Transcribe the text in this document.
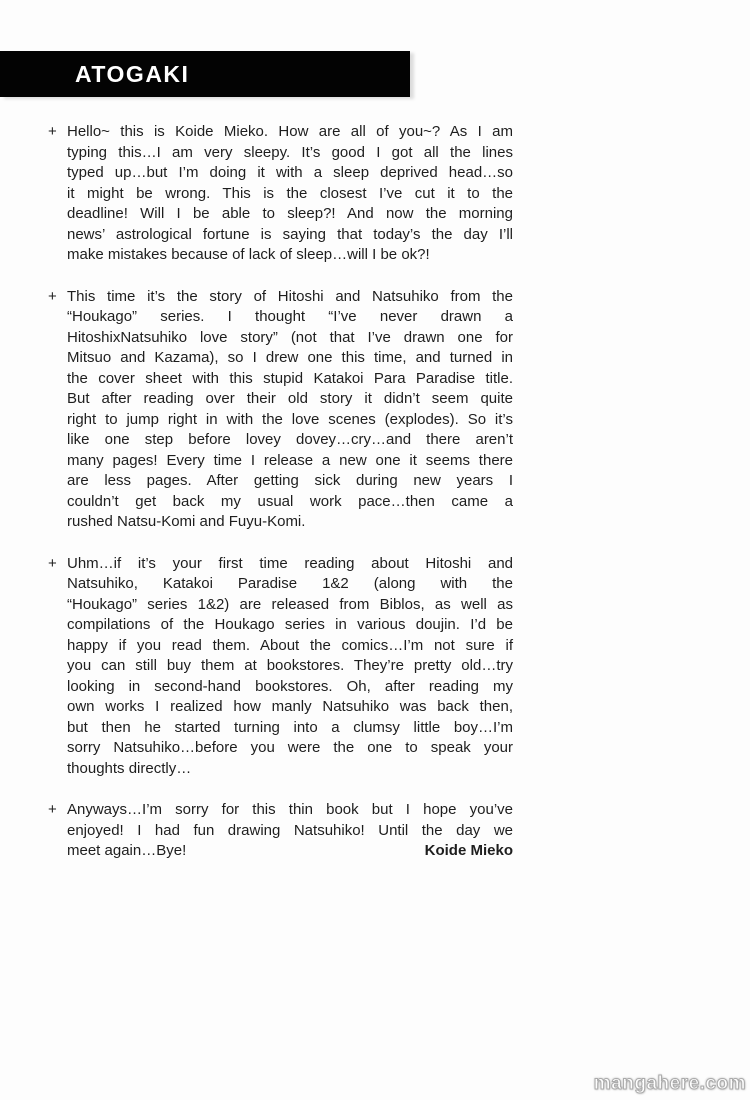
ATOGAKI
+ Hello~ this is Koide Mieko. How are all of you~? As I am
typing this…I am very sleepy. It’s good I got all the lines
typed up…but I’m doing it with a sleep deprived head…so
it might be wrong. This is the closest I’ve cut it to the
deadline! Will I be able to sleep?! And now the morning
news’ astrological fortune is saying that today’s the day I’ll
make mistakes because of lack of sleep…will I be ok?!
+ This time it’s the story of Hitoshi and Natsuhiko from the
“Houkago” series. I thought “I’ve never drawn a
HitoshixNatsuhiko love story” (not that I’ve drawn one for
Mitsuo and Kazama), so I drew one this time, and turned in
the cover sheet with this stupid Katakoi Para Paradise title.
But after reading over their old story it didn’t seem quite
right to jump right in with the love scenes (explodes). So it’s
like one step before lovey dovey…cry…and there aren’t
many pages! Every time I release a new one it seems there
are less pages. After getting sick during new years I
couldn’t get back my usual work pace…then came a
rushed Natsu-Komi and Fuyu-Komi.
+ Uhm…if it’s your first time reading about Hitoshi and
Natsuhiko, Katakoi Paradise 1&2 (along with the
“Houkago” series 1&2) are released from Biblos, as well as
compilations of the Houkago series in various doujin. I’d be
happy if you read them. About the comics…I’m not sure if
you can still buy them at bookstores. They’re pretty old…try
looking in second-hand bookstores. Oh, after reading my
own works I realized how manly Natsuhiko was back then,
but then he started turning into a clumsy little boy…I’m
sorry Natsuhiko…before you were the one to speak your
thoughts directly…
+ Anyways…I’m sorry for this thin book but I hope you’ve
enjoyed! I had fun drawing Natsuhiko! Until the day we
meet again…Bye!	Koide Mieko
mangahere.com
